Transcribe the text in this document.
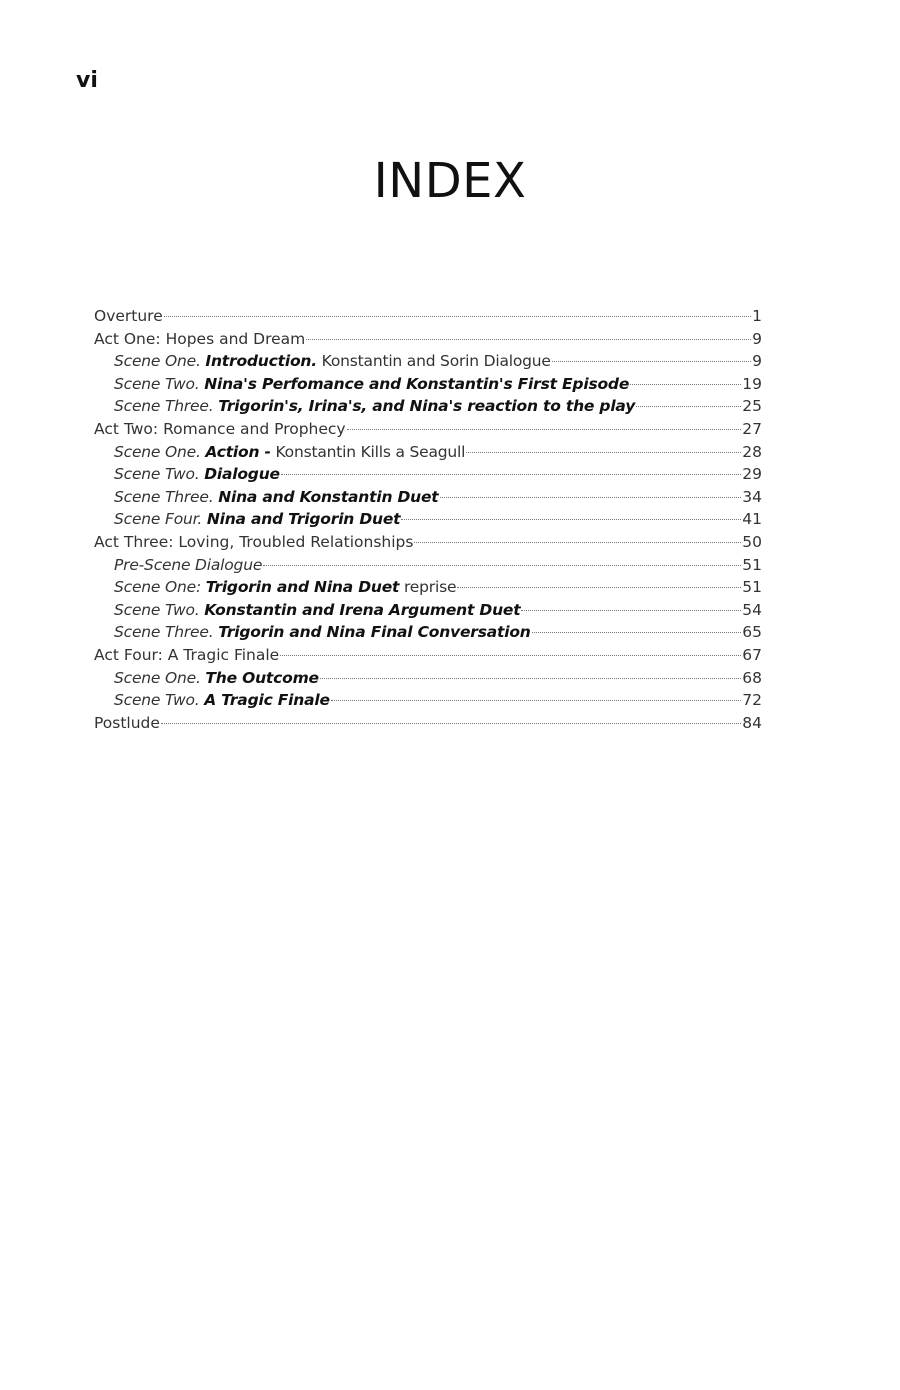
vi
INDEX
Overture	1
Act One: Hopes and Dream	9
Scene One. Introduction. Konstantin and Sorin Dialogue	9
Scene Two. Nina's Perfomance and Konstantin's First Episode	19
Scene Three. Trigorin's, Irina's, and Nina's reaction to the play	25
Act Two: Romance and Prophecy	27
Scene One. Action - Konstantin Kills a Seagull	28
Scene Two. Dialogue	29
Scene Three. Nina and Konstantin Duet	34
Scene Four. Nina and Trigorin Duet	41
Act Three: Loving, Troubled Relationships	50
Pre-Scene Dialogue	51
Scene One: Trigorin and Nina Duet reprise	51
Scene Two. Konstantin and Irena Argument Duet	54
Scene Three. Trigorin and Nina Final Conversation	65
Act Four: A Tragic Finale	67
Scene One. The Outcome	68
Scene Two. A Tragic Finale	72
Postlude	84
